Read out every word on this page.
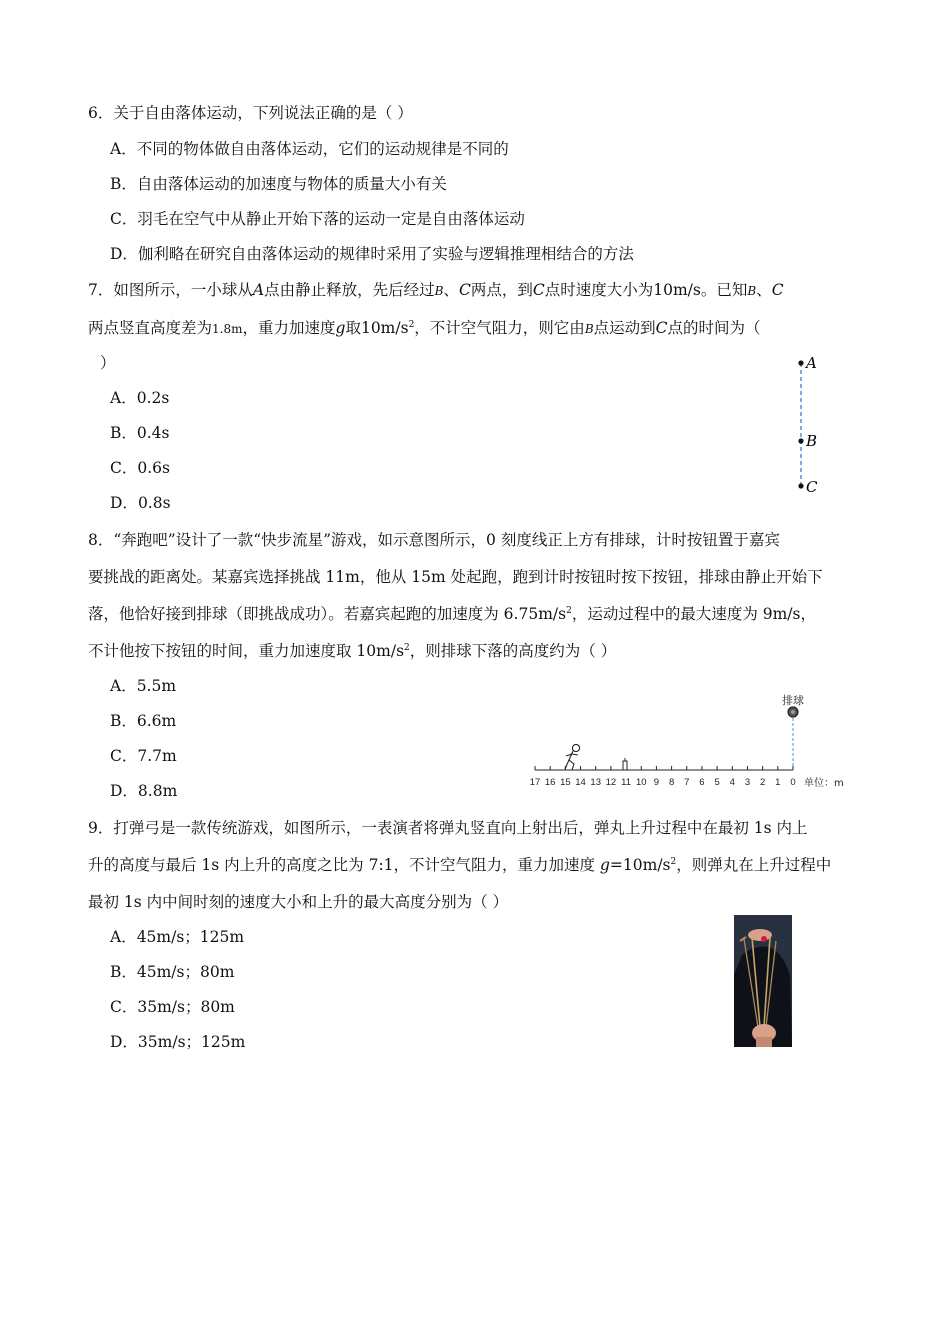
6．关于自由落体运动，下列说法正确的是（ ）
A．不同的物体做自由落体运动，它们的运动规律是不同的
B．自由落体运动的加速度与物体的质量大小有关
C．羽毛在空气中从静止开始下落的运动一定是自由落体运动
D．伽利略在研究自由落体运动的规律时采用了实验与逻辑推理相结合的方法
7．如图所示，一小球从A点由静止释放，先后经过B、C两点，到C点时速度大小为10m/s。已知B、C
两点竖直高度差为1.8m，重力加速度g取$10m/s^2$，不计空气阻力，则它由B点运动到C点的时间为（
）
A．0.2s
B．0.4s
C．0.6s
D．0.8s
A
B
C
8．“奔跑吧”设计了一款“快步流星”游戏，如示意图所示，0 刻度线正上方有排球，计时按钮置于嘉宾
要挑战的距离处。某嘉宾选择挑战 11m，他从 15m 处起跑，跑到计时按钮时按下按钮，排球由静止开始下
落，他恰好接到排球（即挑战成功）。若嘉宾起跑的加速度为 $6.75m/s^2$，运动过程中的最大速度为 9m/s，
不计他按下按钮的时间，重力加速度取 $10m/s^2$，则排球下落的高度约为（ ）
A．5.5m
B．6.6m
C．7.7m
D．8.8m
排球
17 16 15 14 13 12 11 10 9 8 7 6 5 4 3 2 1 0 单位：m
9．打弹弓是一款传统游戏，如图所示，一表演者将弹丸竖直向上射出后，弹丸上升过程中在最初 1s 内上
升的高度与最后 1s 内上升的高度之比为 7:1，不计空气阻力，重力加速度 $g=10m/s^2$，则弹丸在上升过程中
最初 1s 内中间时刻的速度大小和上升的最大高度分别为（ ）
A．45m/s；125m
B．45m/s；80m
C．35m/s；80m
D．35m/s；125m
